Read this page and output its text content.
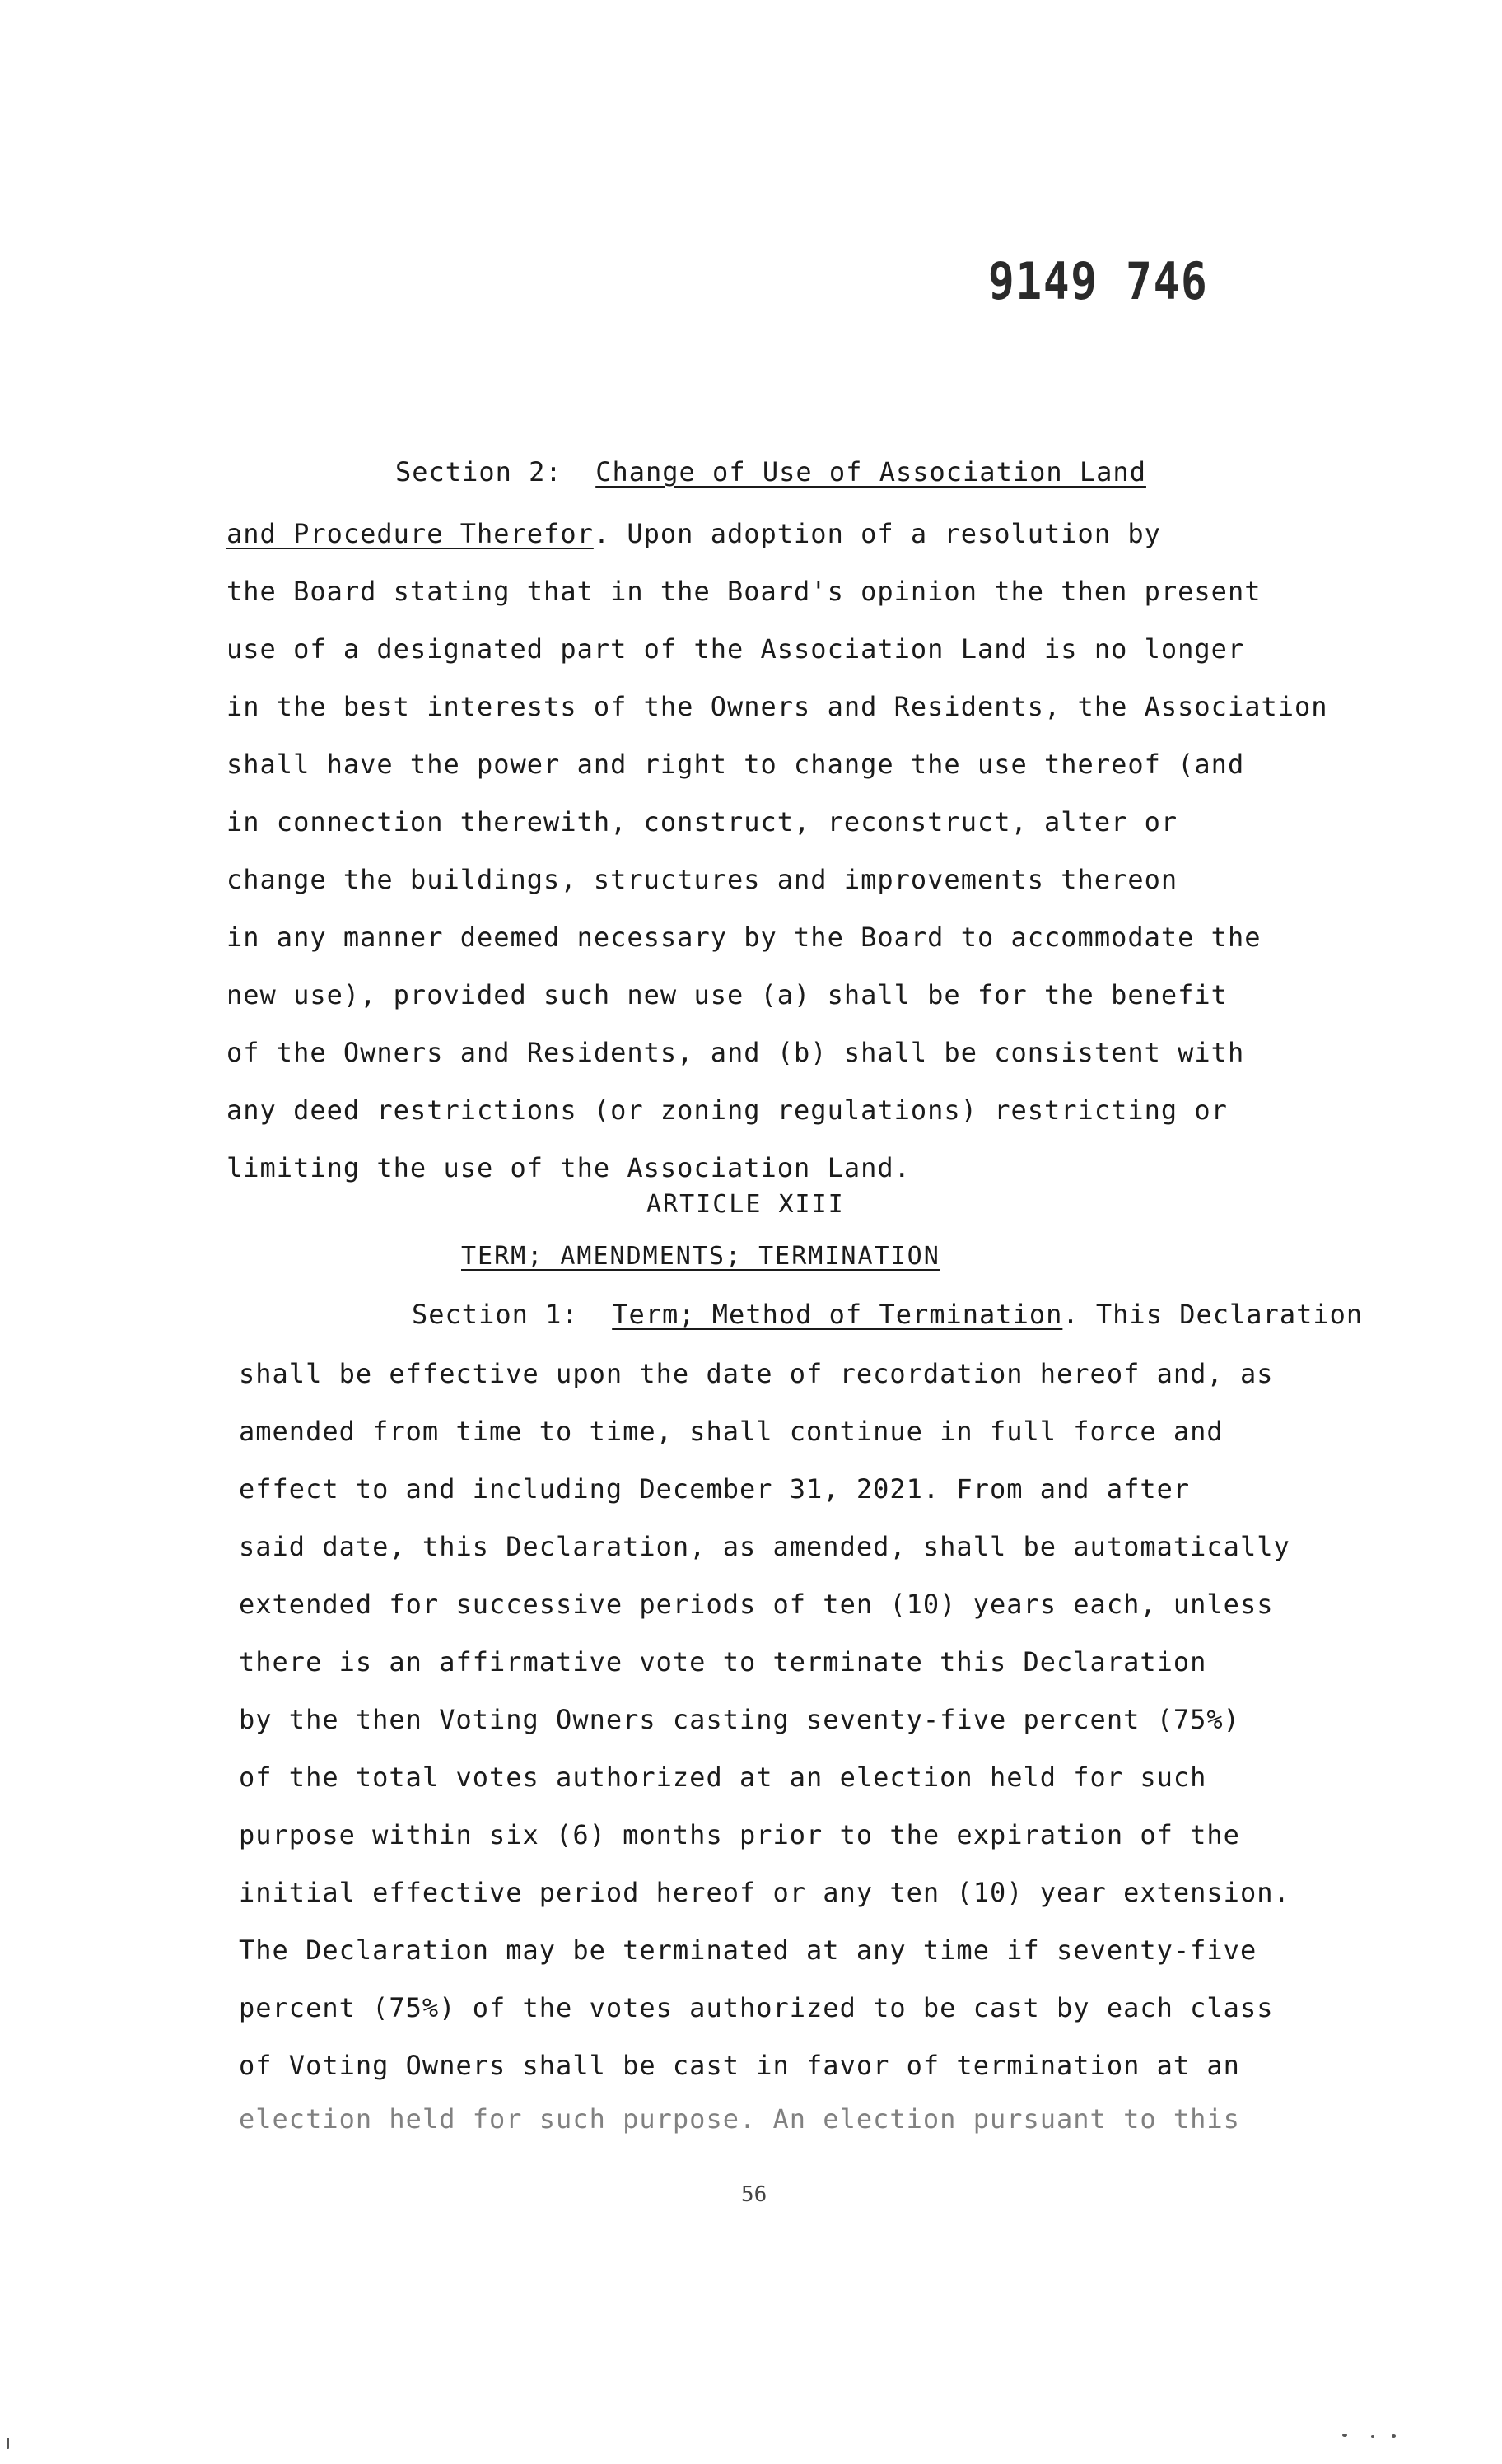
9149 746
Section 2: Change of Use of Association Land
and Procedure Therefor. Upon adoption of a resolution by
the Board stating that in the Board's opinion the then present
use of a designated part of the Association Land is no longer
in the best interests of the Owners and Residents, the Association
shall have the power and right to change the use thereof (and
in connection therewith, construct, reconstruct, alter or
change the buildings, structures and improvements thereon
in any manner deemed necessary by the Board to accommodate the
new use), provided such new use (a) shall be for the benefit
of the Owners and Residents, and (b) shall be consistent with
any deed restrictions (or zoning regulations) restricting or
limiting the use of the Association Land.
ARTICLE XIII
TERM; AMENDMENTS; TERMINATION
Section 1: Term; Method of Termination. This Declaration
shall be effective upon the date of recordation hereof and, as
amended from time to time, shall continue in full force and
effect to and including December 31, 2021. From and after
said date, this Declaration, as amended, shall be automatically
extended for successive periods of ten (10) years each, unless
there is an affirmative vote to terminate this Declaration
by the then Voting Owners casting seventy-five percent (75%)
of the total votes authorized at an election held for such
purpose within six (6) months prior to the expiration of the
initial effective period hereof or any ten (10) year extension.
The Declaration may be terminated at any time if seventy-five
percent (75%) of the votes authorized to be cast by each class
of Voting Owners shall be cast in favor of termination at an
election held for such purpose. An election pursuant to this
56
